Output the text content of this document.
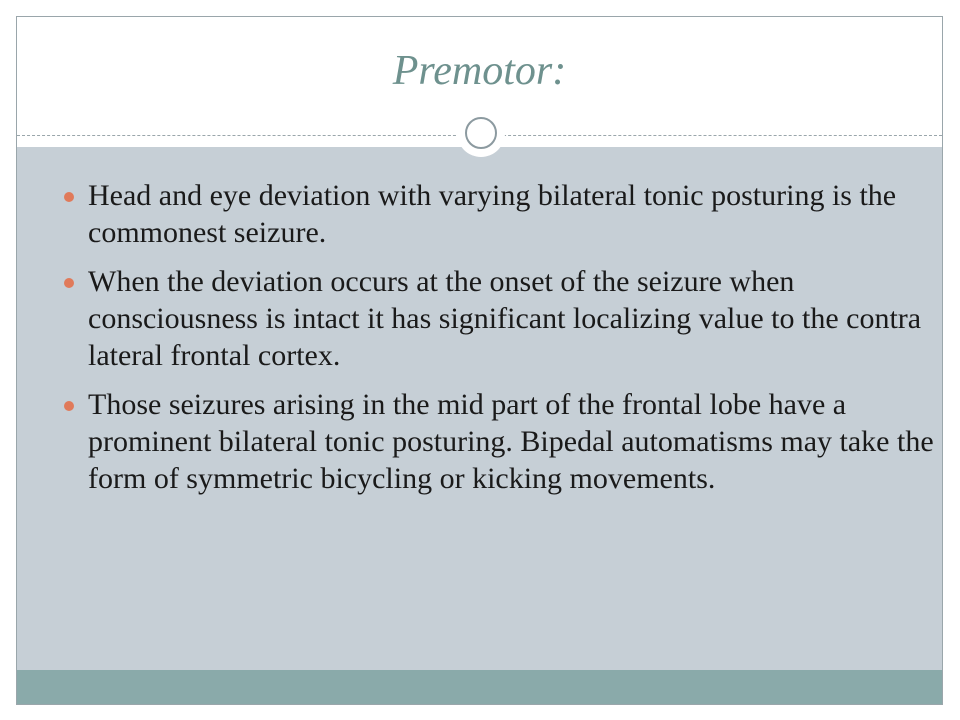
Premotor:
Head and eye deviation with varying bilateral tonic posturing is the commonest seizure.
When the deviation occurs at the onset of the seizure when consciousness is intact it has significant localizing value to the contra lateral frontal cortex.
Those seizures arising in the mid part of the frontal lobe have a prominent bilateral tonic posturing. Bipedal automatisms may take the form of symmetric bicycling or kicking movements.
